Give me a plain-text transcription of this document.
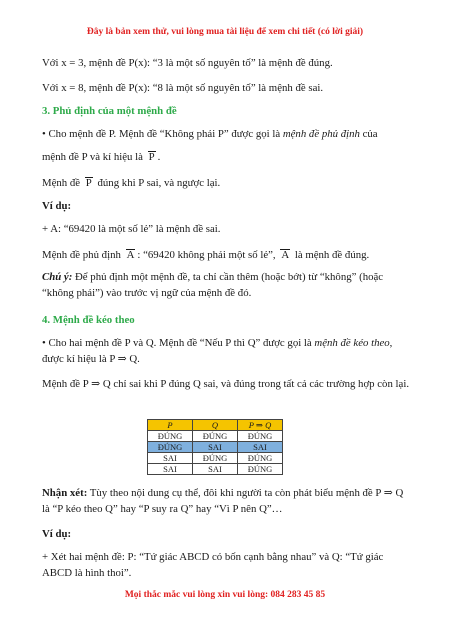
Đây là bản xem thử, vui lòng mua tài liệu để xem chi tiết (có lời giải)

Với x = 3, mệnh đề P(x): “3 là một số nguyên tố” là mệnh đề đúng.

Với x = 8, mệnh đề P(x): “8 là một số nguyên tố” là mệnh đề sai.

3. Phủ định của một mệnh đề

• Cho mệnh đề P. Mệnh đề “Không phải P” được gọi là mệnh đề phủ định của

mệnh đề P và kí hiệu là P .

Mệnh đề P đúng khi P sai, và ngược lại.

Ví dụ:

+ A: “69420 là một số lẻ” là mệnh đề sai.

Mệnh đề phủ định A : “69420 không phải một số lẻ”, A là mệnh đề đúng.

Chú ý: Để phủ định một mệnh đề, ta chỉ cần thêm (hoặc bớt) từ “không” (hoặc “không phải”) vào trước vị ngữ của mệnh đề đó.

4. Mệnh đề kéo theo

• Cho hai mệnh đề P và Q. Mệnh đề “Nếu P thì Q” được gọi là mệnh đề kéo theo, được kí hiệu là P ⇒ Q.

Mệnh đề P ⇒ Q chỉ sai khi P đúng Q sai, và đúng trong tất cả các trường hợp còn lại.

P	Q	P ⇒ Q
ĐÚNG	ĐÚNG	ĐÚNG
ĐÚNG	SAI	SAI
SAI	ĐÚNG	ĐÚNG
SAI	SAI	ĐÚNG

Nhận xét: Tùy theo nội dung cụ thể, đôi khi người ta còn phát biểu mệnh đề P ⇒ Q là “P kéo theo Q” hay “P suy ra Q” hay “Vì P nên Q”…

Ví dụ:

+ Xét hai mệnh đề: P: “Tứ giác ABCD có bốn cạnh bằng nhau” và Q: “Tứ giác ABCD là hình thoi”.

Mọi thắc mắc vui lòng xin vui lòng: 084 283 45 85
